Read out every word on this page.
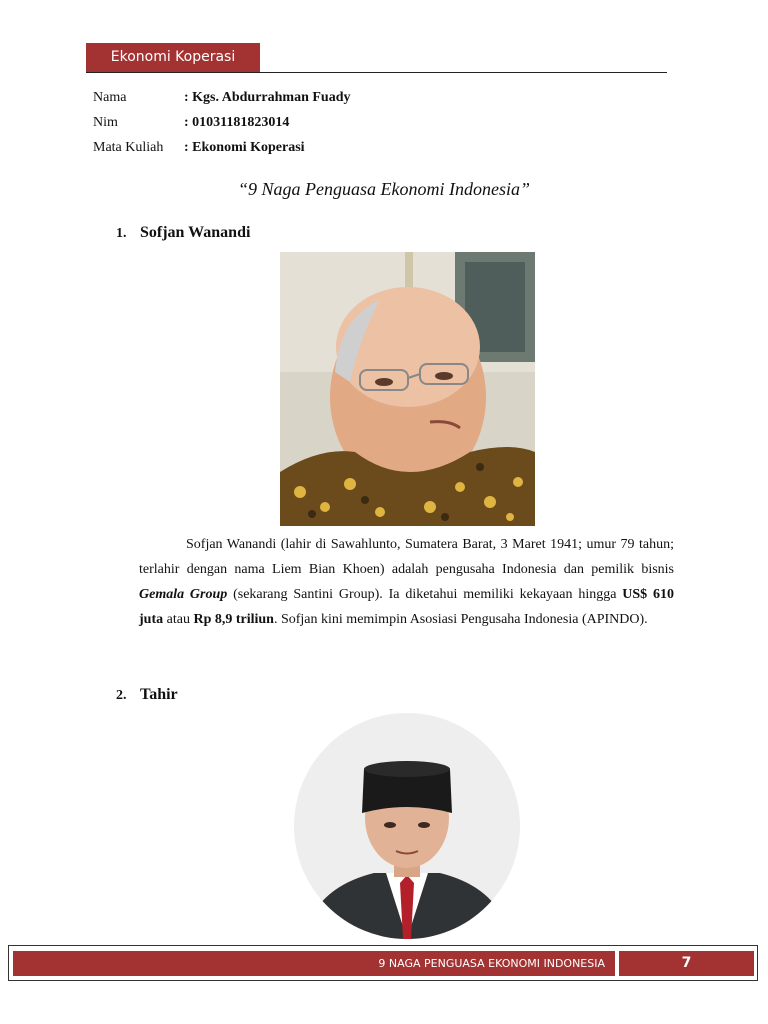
Ekonomi Koperasi
Nama	: Kgs. Abdurrahman Fuady
Nim	: 01031181823014
Mata Kuliah : Ekonomi Koperasi
“9 Naga Penguasa Ekonomi Indonesia”
1. Sofjan Wanandi
Sofjan Wanandi (lahir di Sawahlunto, Sumatera Barat, 3 Maret 1941; umur 79 tahun; terlahir dengan nama Liem Bian Khoen) adalah pengusaha Indonesia dan pemilik bisnis Gemala Group (sekarang Santini Group). Ia diketahui memiliki kekayaan hingga US$ 610 juta atau Rp 8,9 triliun. Sofjan kini memimpin Asosiasi Pengusaha Indonesia (APINDO).
2. Tahir
9 NAGA PENGUASA EKONOMI INDONESIA	7
